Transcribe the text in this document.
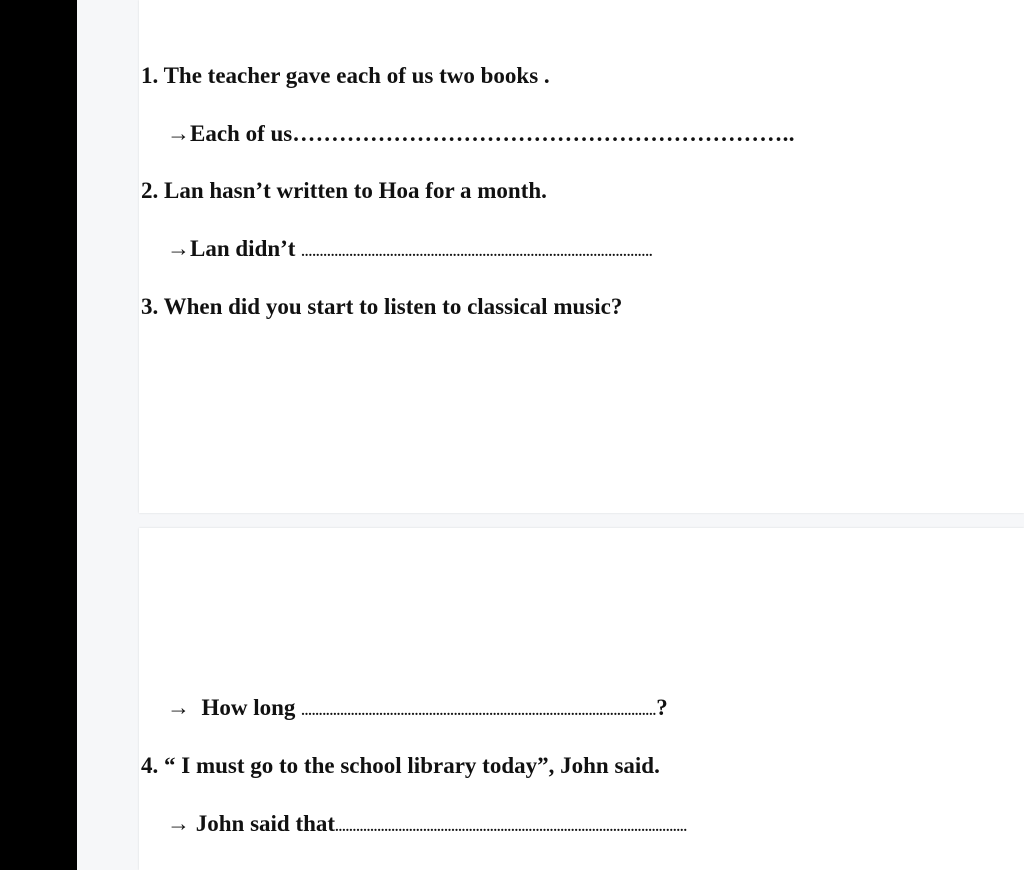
1. The teacher gave each of us two books .
→Each of us………………………………………………………..
2. Lan hasn’t written to Hoa for a month.
→Lan didn’t ...............................................................................................
3. When did you start to listen to classical music?
→  How long ....................................................................................................?
4. “ I must go to the school library today”, John said.
→ John said that....................................................................................................
